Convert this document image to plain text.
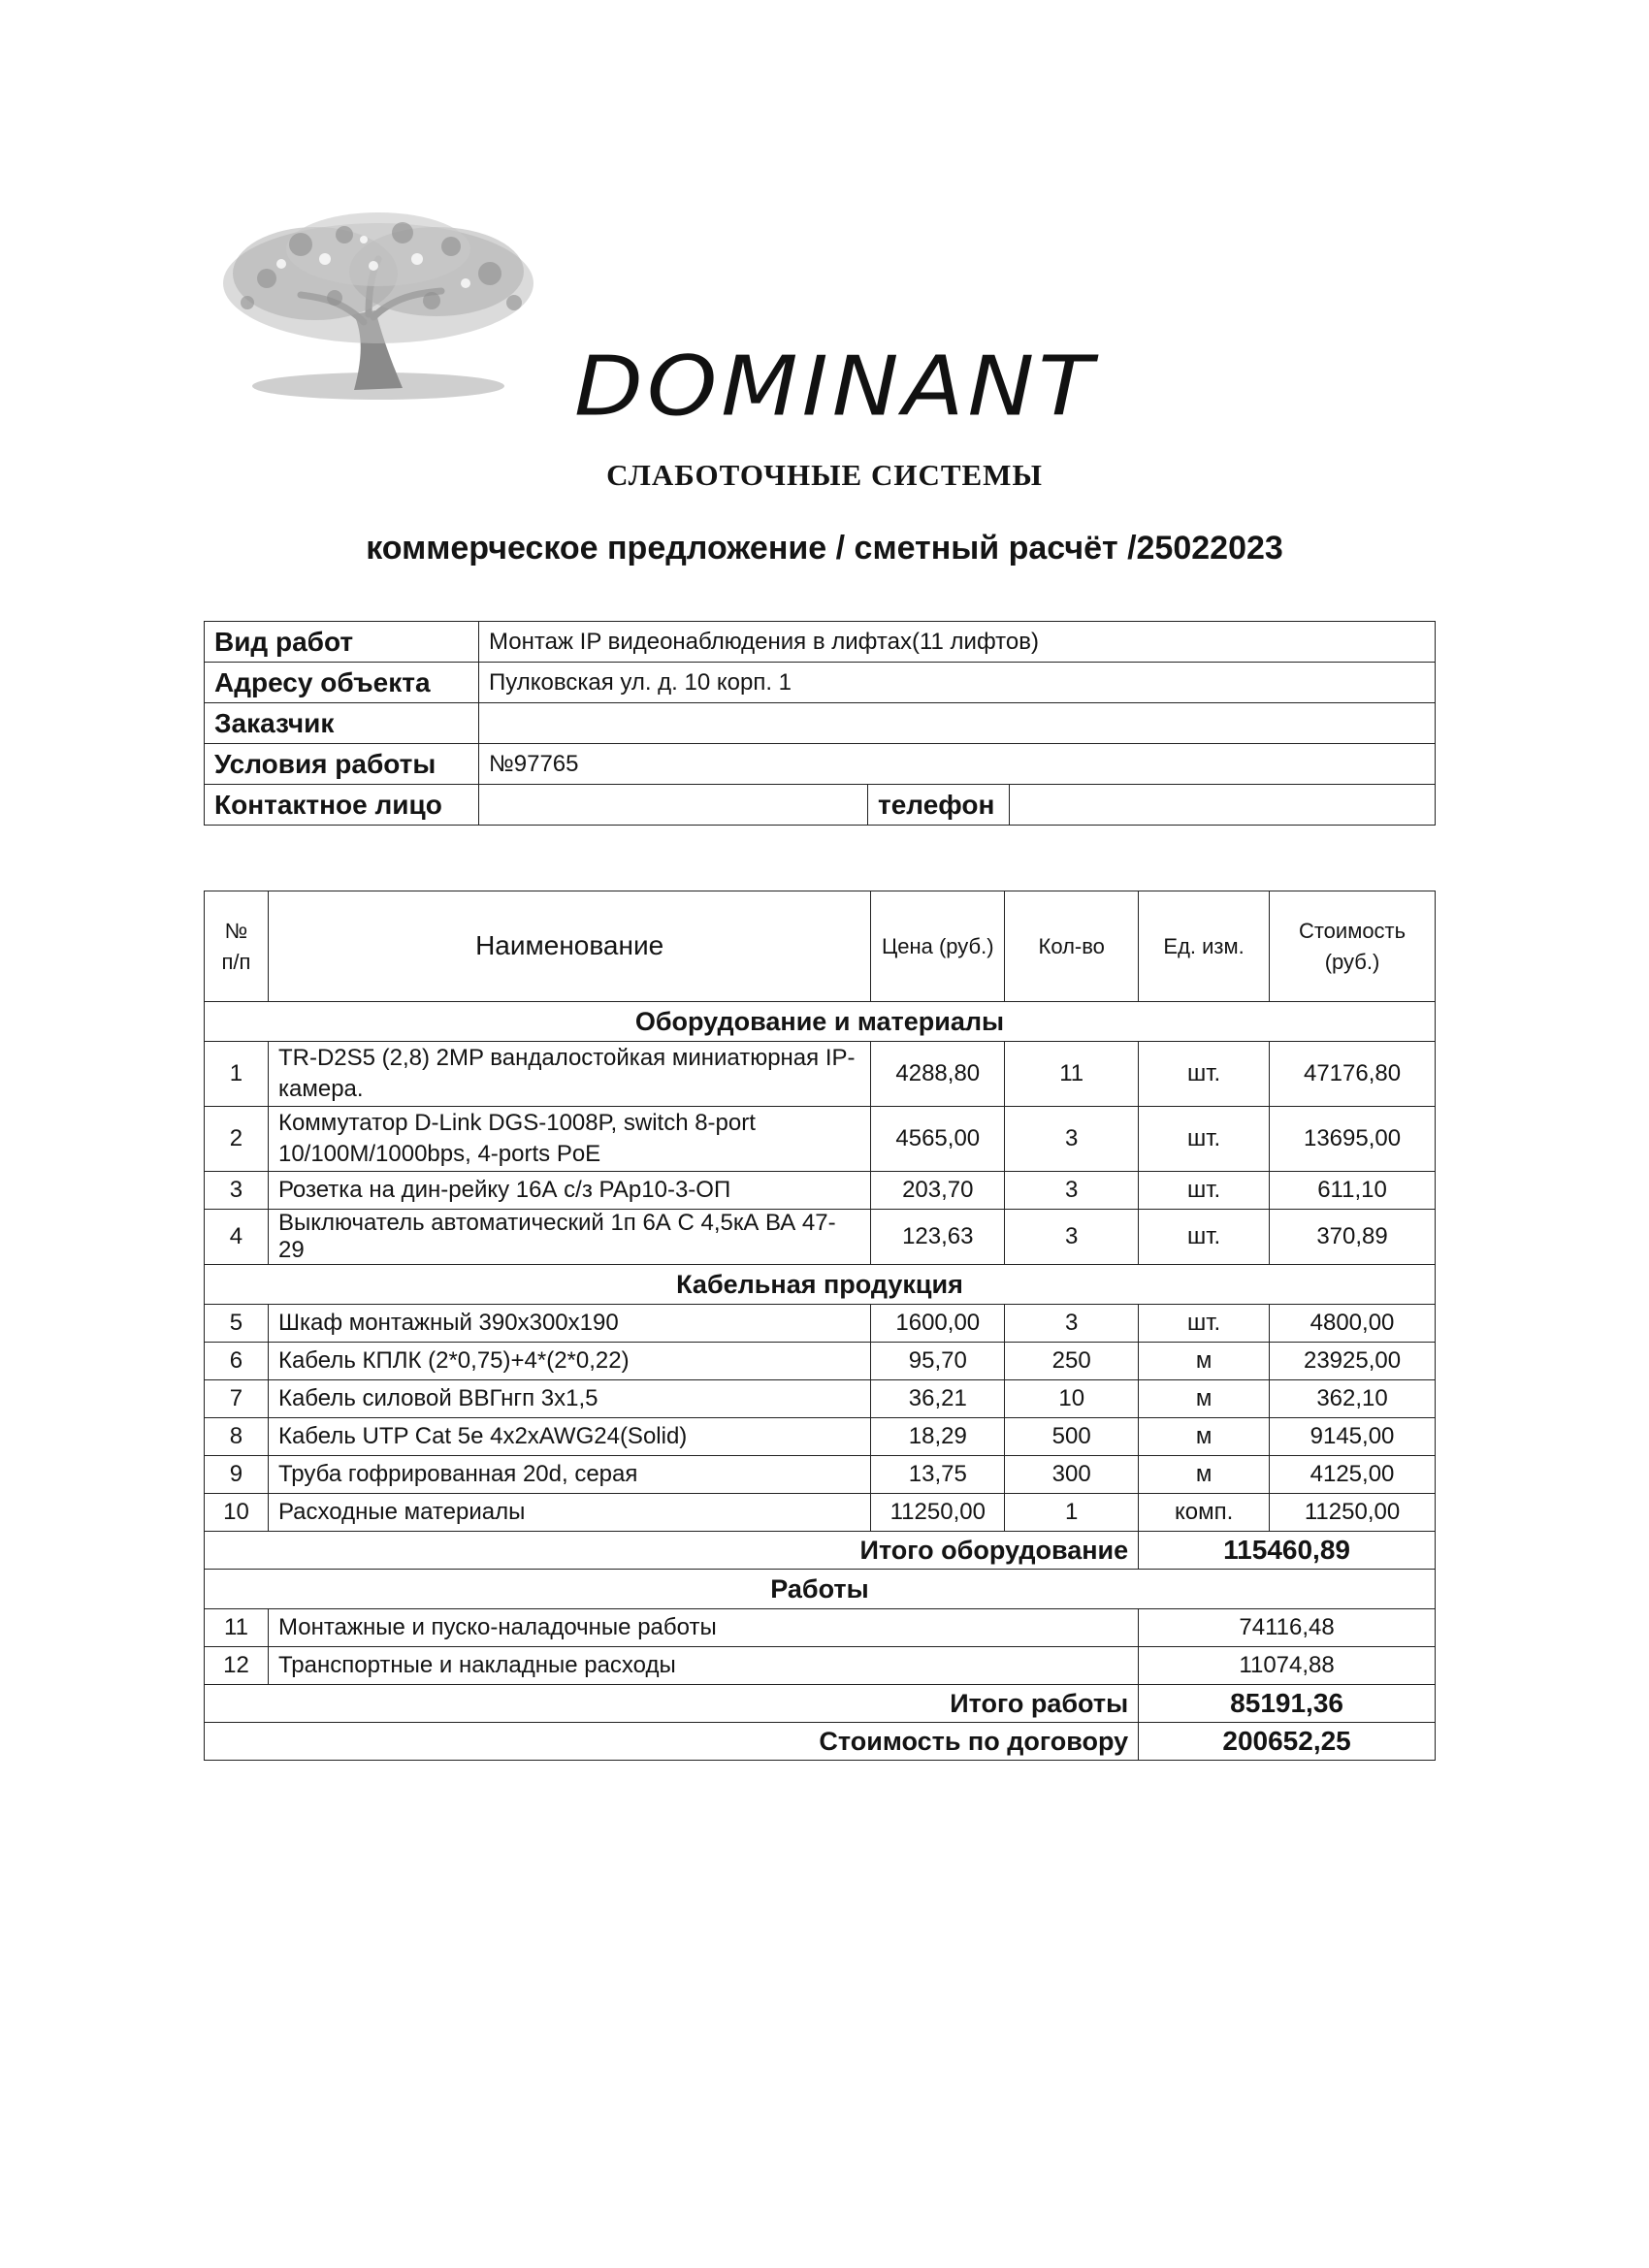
DOMINANT
СЛАБОТОЧНЫЕ СИСТЕМЫ
коммерческое предложение / сметный расчёт /25022023
Вид работ	Монтаж IP видеонаблюдения в лифтах(11 лифтов)		
Адресу объекта	Пулковская ул. д. 10 корп. 1		
Заказчик			
Условия работы	№97765		
Контактное лицо		телефон	
№ п/п	Наименование	Цена (руб.)	Кол-во	Ед. изм.	Стоимость (руб.)
Оборудование и материалы					
1	TR-D2S5 (2,8) 2MP вандалостойкая миниатюрная IP-камера.	4288,80	11	шт.	47176,80
2	Коммутатор D-Link DGS-1008P, switch 8-port 10/100M/1000bps, 4-ports PoE	4565,00	3	шт.	13695,00
3	Розетка на дин-рейку 16А с/з РАр10-3-ОП	203,70	3	шт.	611,10
4	Выключатель автоматический 1п 6А С 4,5кА ВА 47-29	123,63	3	шт.	370,89
Кабельная продукция					
5	Шкаф монтажный 390х300х190	1600,00	3	шт.	4800,00
6	Кабель КПЛК (2*0,75)+4*(2*0,22)	95,70	250	м	23925,00
7	Кабель силовой ВВГнгп 3х1,5	36,21	10	м	362,10
8	Кабель UTP Cat 5e 4x2xAWG24(Solid)	18,29	500	м	9145,00
9	Труба гофрированная 20d, серая	13,75	300	м	4125,00
10	Расходные материалы	11250,00	1	комп.	11250,00
Итого оборудование				115460,89	
Работы					
11	Монтажные и пуско-наладочные работы			74116,48	
12	Транспортные и накладные расходы			11074,88	
Итого работы				85191,36	
Стоимость по договору				200652,25	
